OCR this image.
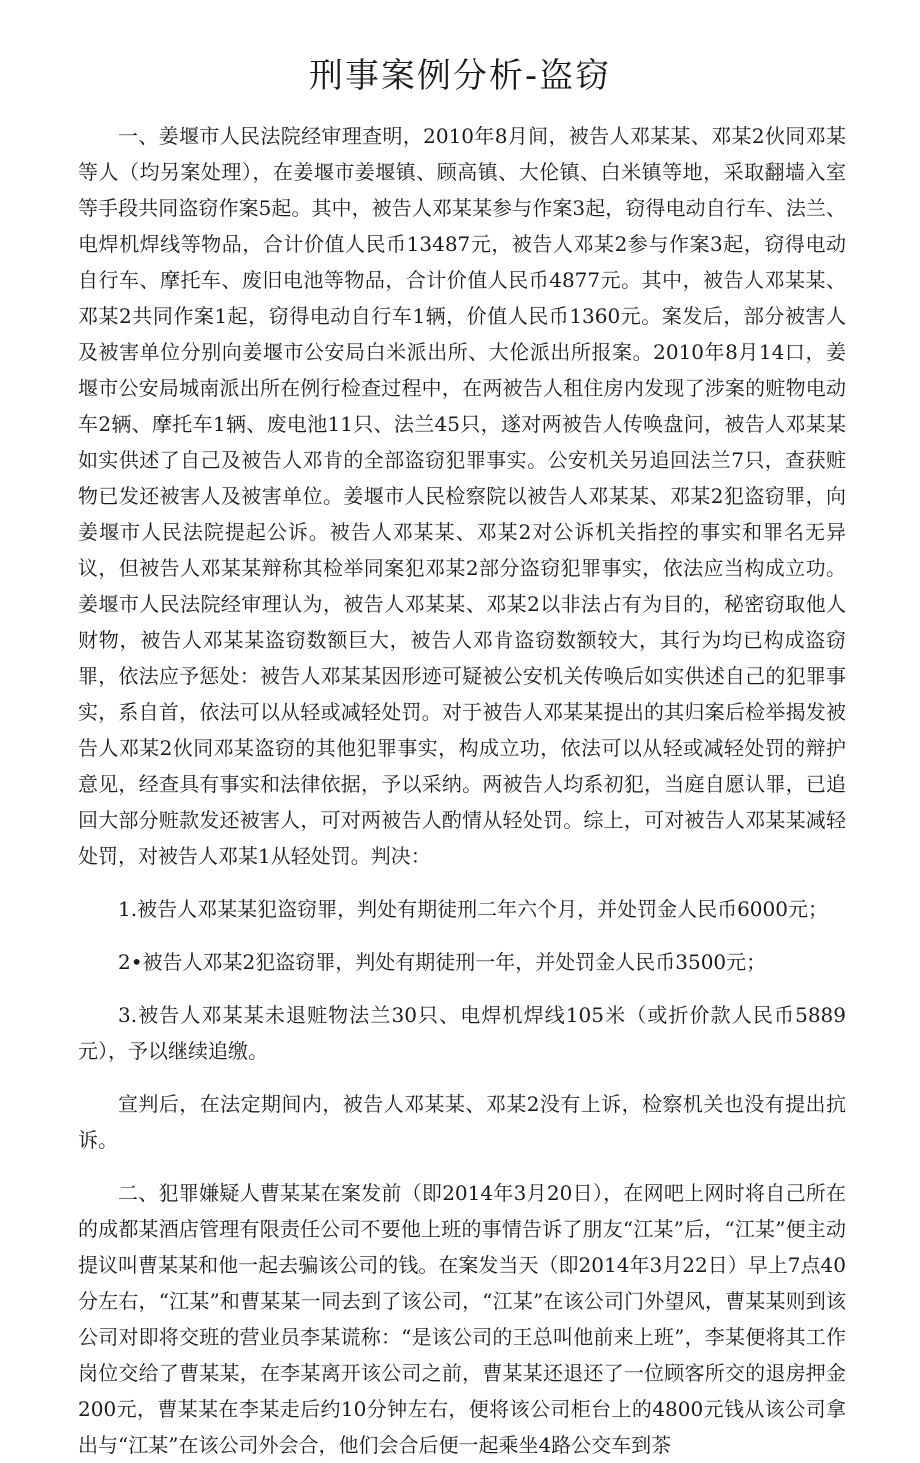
刑事案例分析-盗窃

一、姜堰市人民法院经审理查明，2010年8月间，被告人邓某某、邓某2伙同邓某等人（均另案处理），在姜堰市姜堰镇、顾高镇、大伦镇、白米镇等地，采取翻墙入室等手段共同盗窃作案5起。其中，被告人邓某某参与作案3起，窃得电动自行车、法兰、电焊机焊线等物品，合计价值人民币13487元，被告人邓某2参与作案3起，窃得电动自行车、摩托车、废旧电池等物品，合计价值人民币4877元。其中，被告人邓某某、邓某2共同作案1起，窃得电动自行车1辆，价值人民币1360元。案发后，部分被害人及被害单位分别向姜堰市公安局白米派出所、大伦派出所报案。2010年8月14口，姜堰市公安局城南派出所在例行检查过程中，在两被告人租住房内发现了涉案的赃物电动车2辆、摩托车1辆、废电池11只、法兰45只，遂对两被告人传唤盘问，被告人邓某某如实供述了自己及被告人邓肯的全部盗窃犯罪事实。公安机关另追回法兰7只，查获赃物已发还被害人及被害单位。姜堰市人民检察院以被告人邓某某、邓某2犯盗窃罪，向姜堰市人民法院提起公诉。被告人邓某某、邓某2对公诉机关指控的事实和罪名无异议，但被告人邓某某辩称其检举同案犯邓某2部分盗窃犯罪事实，依法应当构成立功。姜堰市人民法院经审理认为，被告人邓某某、邓某2以非法占有为目的，秘密窃取他人财物，被告人邓某某盗窃数额巨大，被告人邓肯盗窃数额较大，其行为均已构成盗窃罪，依法应予惩处：被告人邓某某因形迹可疑被公安机关传唤后如实供述自己的犯罪事实，系自首，依法可以从轻或减轻处罚。对于被告人邓某某提出的其归案后检举揭发被告人邓某2伙同邓某盗窃的其他犯罪事实，构成立功，依法可以从轻或减轻处罚的辩护意见，经查具有事实和法律依据，予以采纳。两被告人均系初犯，当庭自愿认罪，已追回大部分赃款发还被害人，可对两被告人酌情从轻处罚。综上，可对被告人邓某某减轻处罚，对被告人邓某1从轻处罚。判决：

1.被告人邓某某犯盗窃罪，判处有期徒刑二年六个月，并处罚金人民币6000元；

2•被告人邓某2犯盗窃罪，判处有期徒刑一年，并处罚金人民币3500元；

3.被告人邓某某未退赃物法兰30只、电焊机焊线105米（或折价款人民币5889元），予以继续追缴。

宣判后，在法定期间内，被告人邓某某、邓某2没有上诉，检察机关也没有提出抗诉。

二、犯罪嫌疑人曹某某在案发前（即2014年3月20日），在网吧上网时将自己所在的成都某酒店管理有限责任公司不要他上班的事情告诉了朋友“江某”后，“江某”便主动提议叫曹某某和他一起去骗该公司的钱。在案发当天（即2014年3月22日）早上7点40分左右，“江某”和曹某某一同去到了该公司，“江某”在该公司门外望风，曹某某则到该公司对即将交班的营业员李某谎称：“是该公司的王总叫他前来上班”，李某便将其工作岗位交给了曹某某，在李某离开该公司之前，曹某某还退还了一位顾客所交的退房押金200元，曹某某在李某走后约10分钟左右，便将该公司柜台上的4800元钱从该公司拿出与“江某”在该公司外会合，他们会合后便一起乘坐4路公交车到茶
